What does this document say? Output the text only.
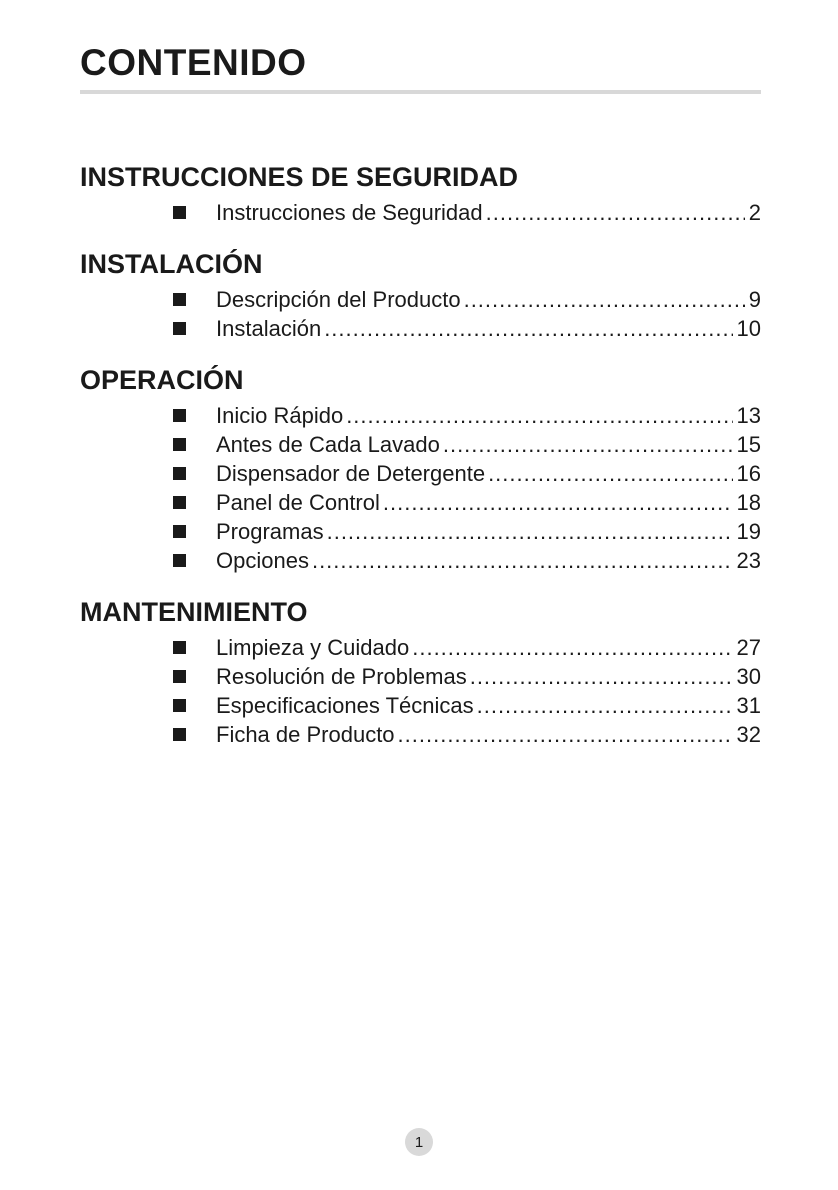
CONTENIDO
INSTRUCCIONES DE SEGURIDAD
Instrucciones de Seguridad .....	2
INSTALACIÓN
Descripción del Producto .....	9
Instalación .....	10
OPERACIÓN
Inicio Rápido .....	13
Antes de Cada Lavado .....	15
Dispensador de Detergente .....	16
Panel de Control .....	18
Programas .....	19
Opciones .....	23
MANTENIMIENTO
Limpieza y Cuidado .....	27
Resolución de Problemas .....	30
Especificaciones Técnicas .....	31
Ficha de Producto .....	32
1
